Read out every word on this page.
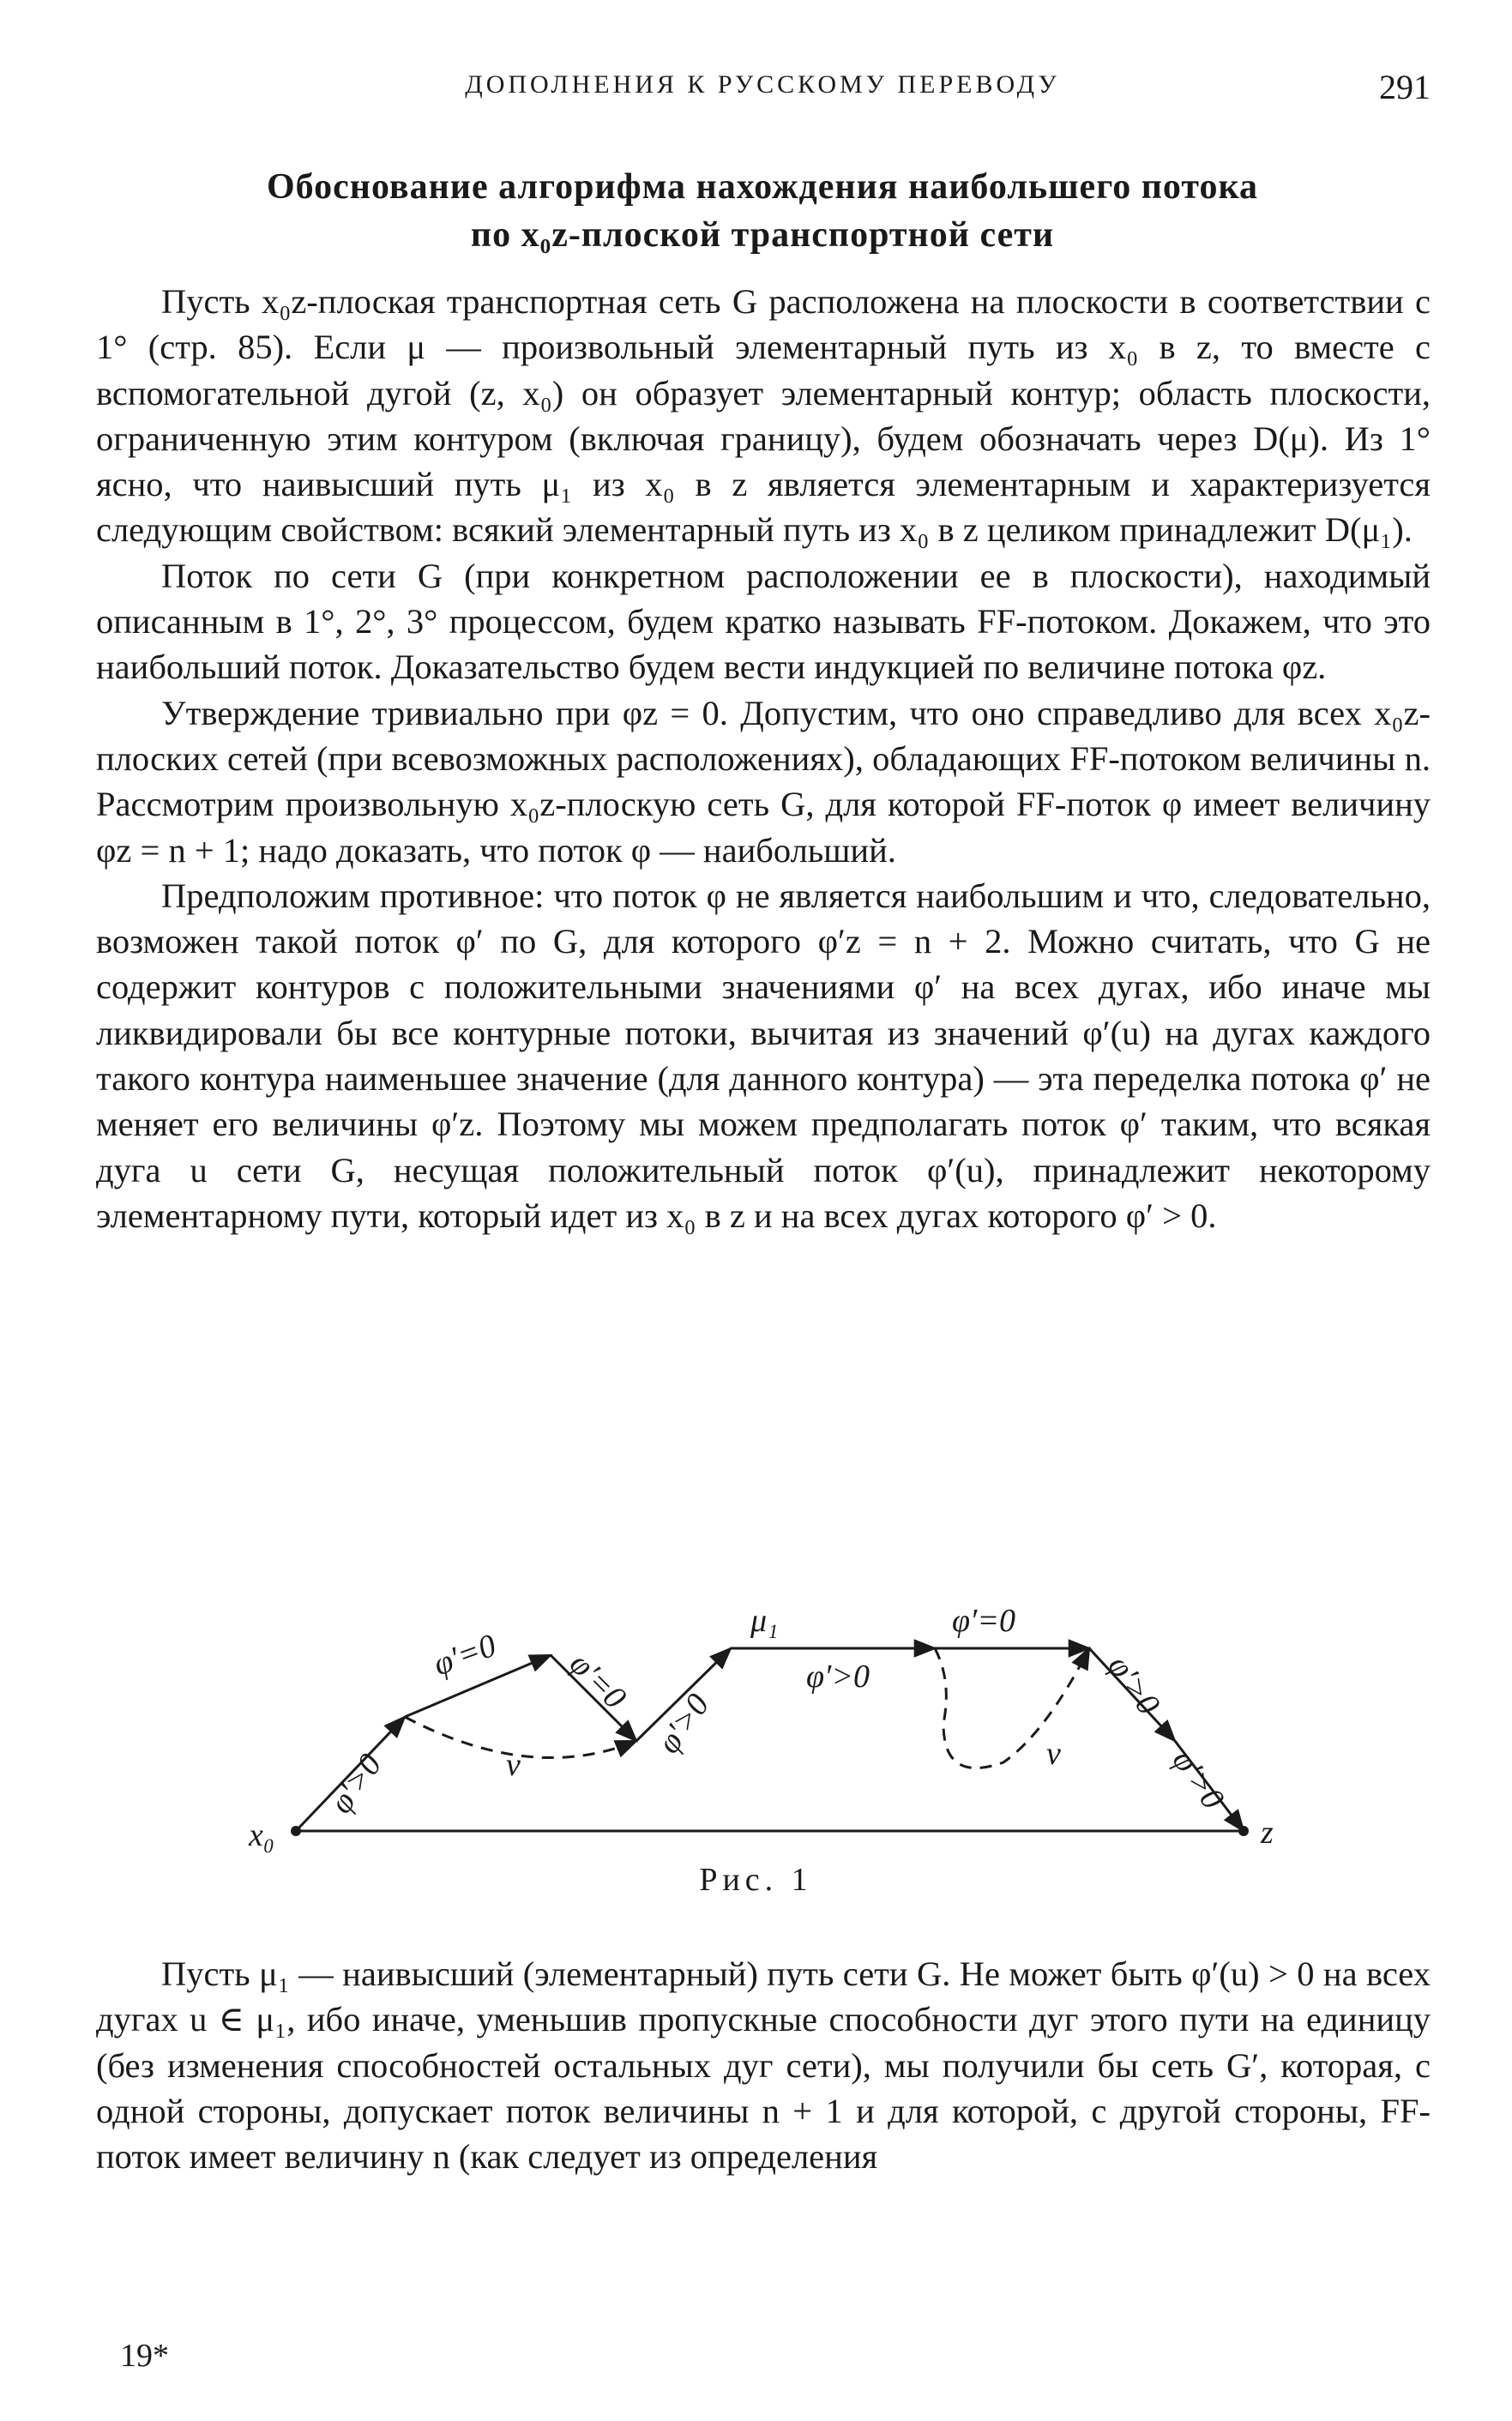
ДОПОЛНЕНИЯ К РУССКОМУ ПЕРЕВОДУ	291
Обоснование алгорифма нахождения наибольшего потока
по x₀z-плоской транспортной сети

Пусть x₀z-плоская транспортная сеть G расположена на плоскости в соответствии с 1° (стр. 85). Если μ — произвольный элементарный путь из x₀ в z, то вместе с вспомогательной дугой (z, x₀) он образует элементарный контур; область плоскости, ограниченную этим контуром (включая границу), будем обозначать через D(μ). Из 1° ясно, что наивысший путь μ₁ из x₀ в z является элементарным и характеризуется следующим свойством: всякий элементарный путь из x₀ в z целиком принадлежит D(μ₁).

Поток по сети G (при конкретном расположении ее в плоскости), находимый описанным в 1°, 2°, 3° процессом, будем кратко называть FF-потоком. Докажем, что это наибольший поток. Доказательство будем вести индукцией по величине потока φz.

Утверждение тривиально при φz = 0. Допустим, что оно справедливо для всех x₀z-плоских сетей (при всевозможных расположениях), обладающих FF-потоком величины n. Рассмотрим произвольную x₀z-плоскую сеть G, для которой FF-поток φ имеет величину φz = n + 1; надо доказать, что поток φ — наибольший.

Предположим противное: что поток φ не является наибольшим и что, следовательно, возможен такой поток φ′ по G, для которого φ′z = n + 2. Можно считать, что G не содержит контуров с положительными значениями φ′ на всех дугах, ибо иначе мы ликвидировали бы все контурные потоки, вычитая из значений φ′(u) на дугах каждого такого контура наименьшее значение (для данного контура) — эта переделка потока φ′ не меняет его величины φ′z. Поэтому мы можем предполагать поток φ′ таким, что всякая дуга u сети G, несущая положительный поток φ′(u), принадлежит некоторому элементарному пути, который идет из x₀ в z и на всех дугах которого φ′ > 0.

x₀	z
μ₁
φ′>0
φ′=0 φ′=0
φ′>0
φ′>0
φ′=0
φ′>0
φ′>0
ν	ν
Рис. 1

Пусть μ₁ — наивысший (элементарный) путь сети G. Не может быть φ′(u) > 0 на всех дугах u ∈ μ₁, ибо иначе, уменьшив пропускные способности дуг этого пути на единицу (без изменения способностей остальных дуг сети), мы получили бы сеть G′, которая, с одной стороны, допускает поток величины n + 1 и для которой, с другой стороны, FF-поток имеет величину n (как следует из определения

19*
